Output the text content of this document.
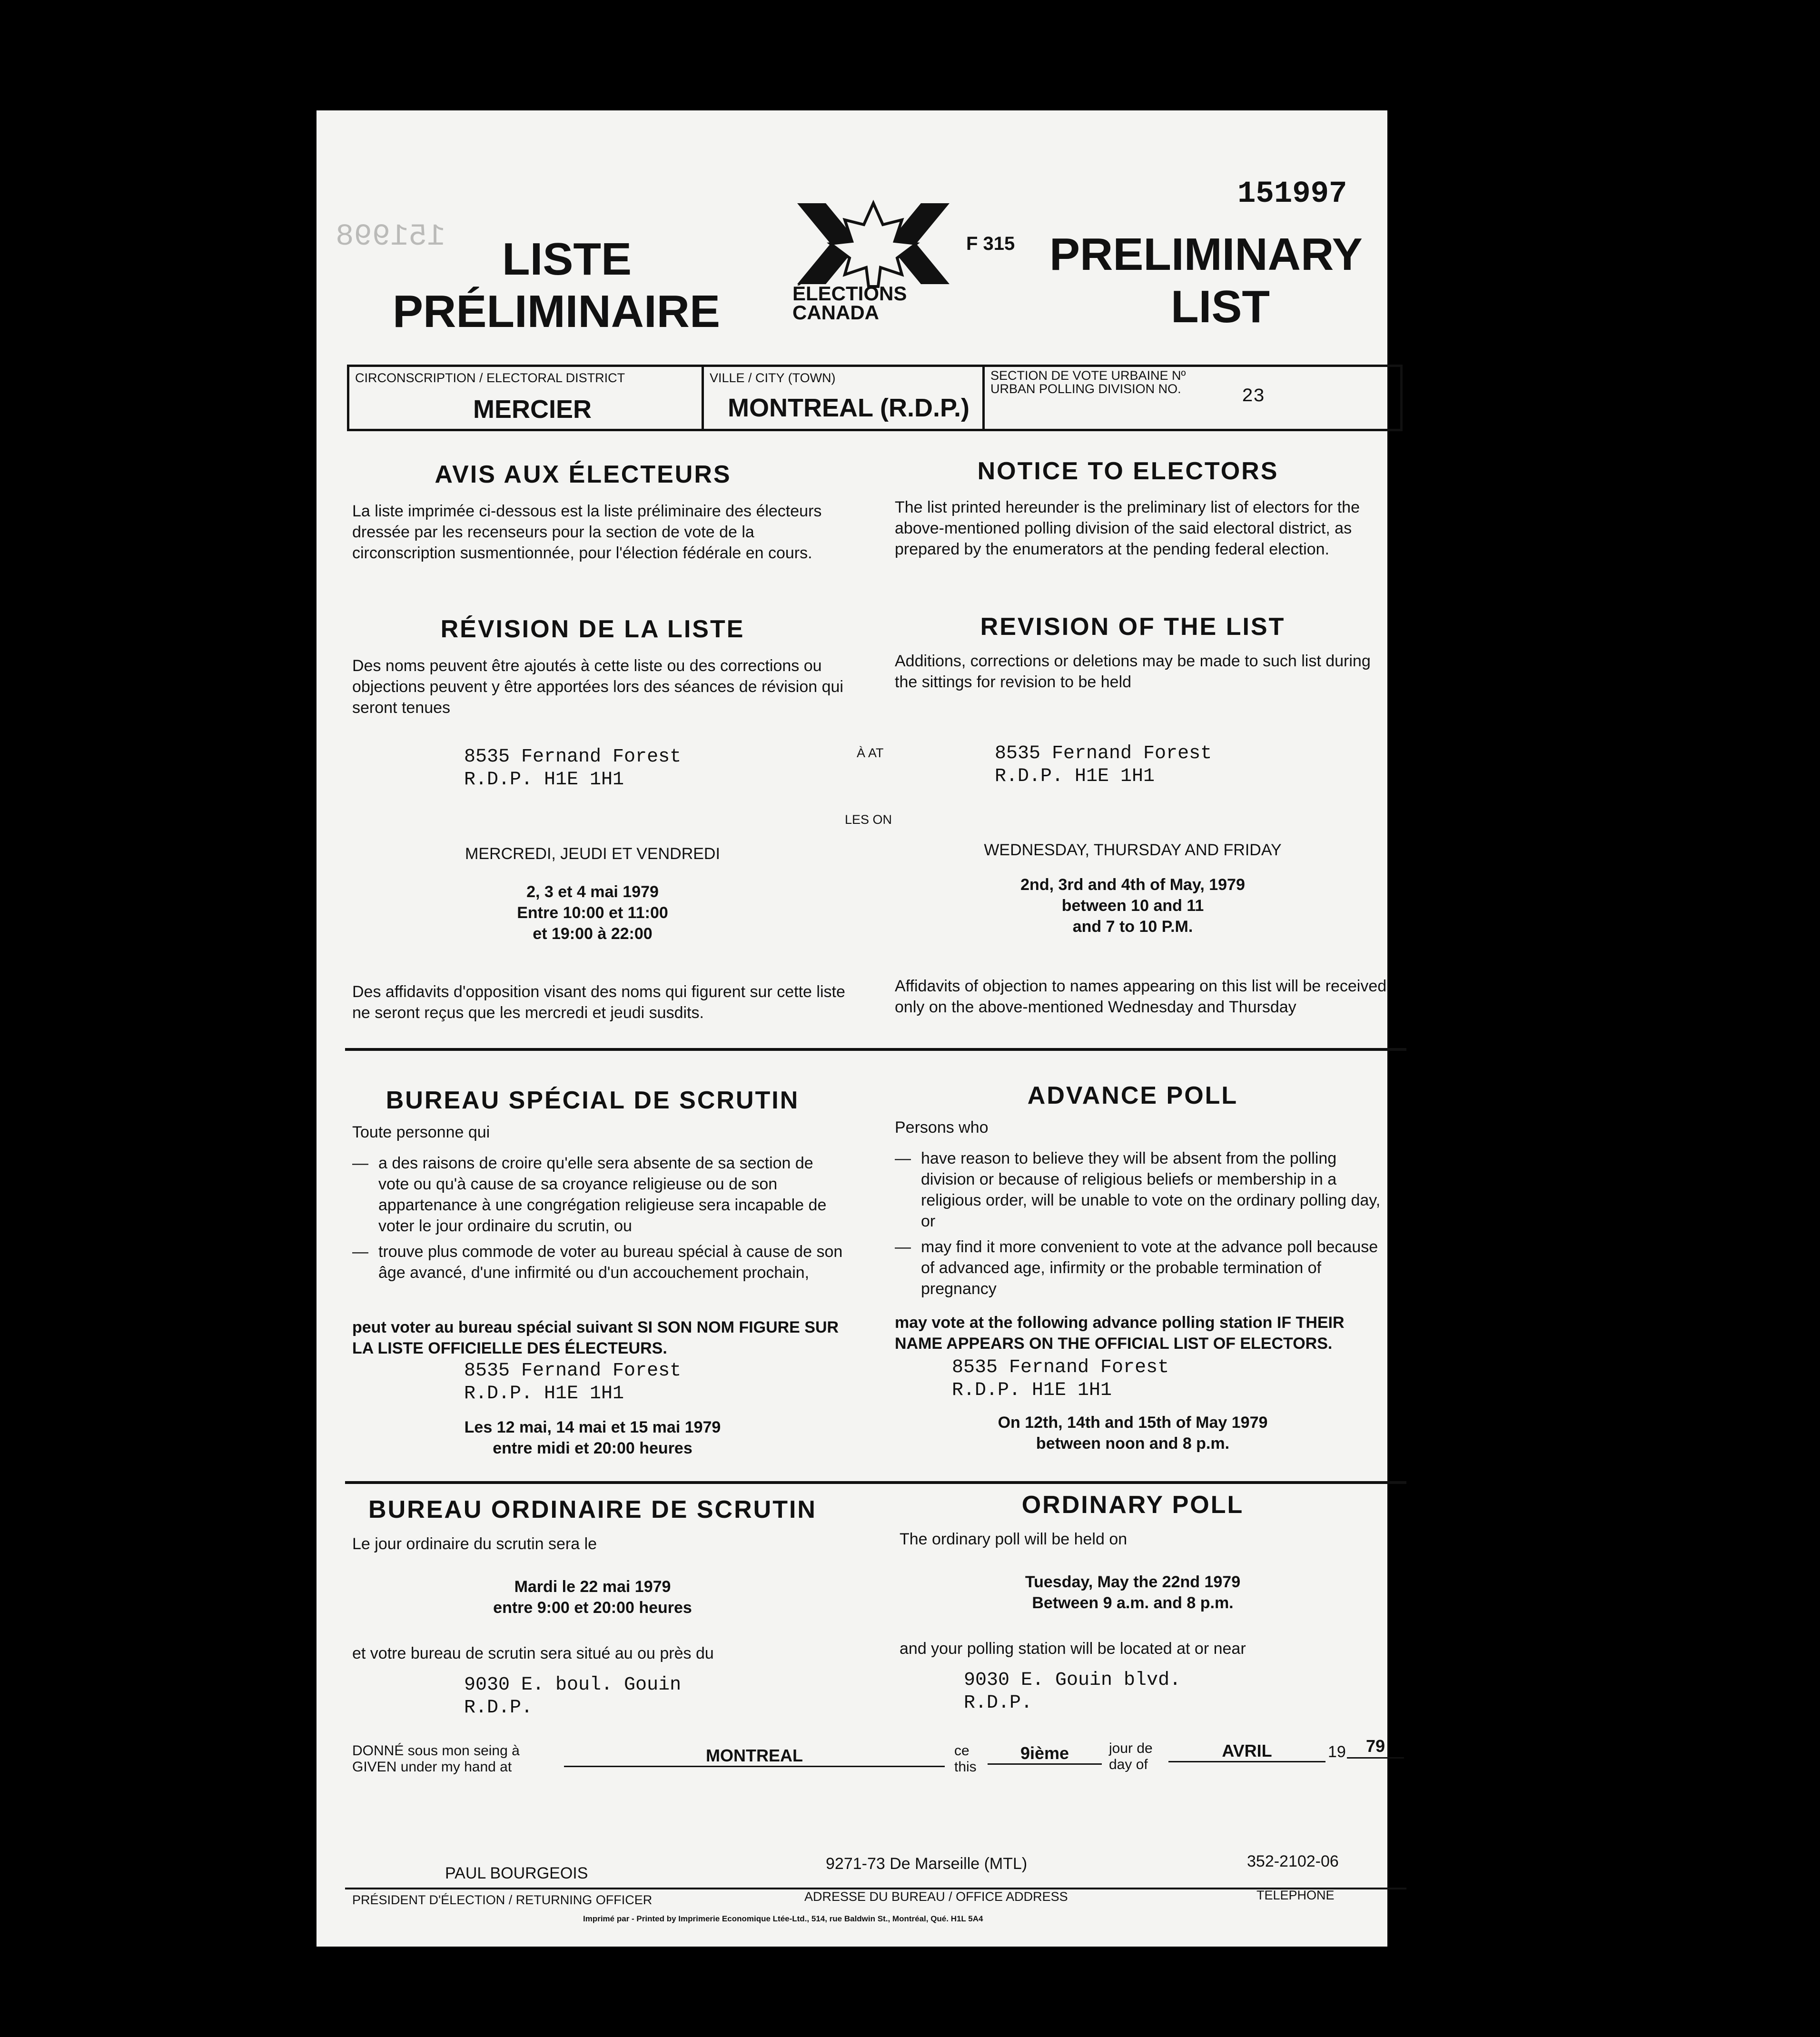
151998
151997
LISTE
PRÉLIMINAIRE	ÉLECTIONS
CANADA
F 315 PRELIMINARY
LIST
CIRCONSCRIPTION / ELECTORAL DISTRICT
MERCIER
VILLE / CITY (TOWN)
MONTREAL (R.D.P.)
SECTION DE VOTE URBAINE Nº
URBAN POLLING DIVISION NO.	23
AVIS AUX ÉLECTEURS
La liste imprimée ci-dessous est la liste préliminaire des électeurs dressée par les recenseurs pour la section de vote de la circonscription susmentionnée, pour l'élection fédérale en cours.
NOTICE TO ELECTORS
The list printed hereunder is the preliminary list of electors for the above-mentioned polling division of the said electoral district, as prepared by the enumerators at the pending federal election.
RÉVISION DE LA LISTE
Des noms peuvent être ajoutés à cette liste ou des corrections ou objections peuvent y être apportées lors des séances de révision qui seront tenues
REVISION OF THE LIST
Additions, corrections or deletions may be made to such list during the sittings for revision to be held
8535 Fernand Forest
R.D.P. H1E 1H1
À AT	8535 Fernand Forest
R.D.P. H1E 1H1
LES ON
MERCREDI, JEUDI ET VENDREDI
2, 3 et 4 mai 1979
Entre 10:00 et 11:00
et 19:00 à 22:00
WEDNESDAY, THURSDAY AND FRIDAY
2nd, 3rd and 4th of May, 1979
between 10 and 11
and 7 to 10 P.M.
Des affidavits d'opposition visant des noms qui figurent sur cette liste ne seront reçus que les mercredi et jeudi susdits.
Affidavits of objection to names appearing on this list will be received only on the above-mentioned Wednesday and Thursday
BUREAU SPÉCIAL DE SCRUTIN
Toute personne qui
— a des raisons de croire qu'elle sera absente de sa section de vote ou qu'à cause de sa croyance religieuse ou de son appartenance à une congrégation religieuse sera incapable de voter le jour ordinaire du scrutin, ou
— trouve plus commode de voter au bureau spécial à cause de son âge avancé, d'une infirmité ou d'un accouchement prochain,
peut voter au bureau spécial suivant SI SON NOM FIGURE SUR LA LISTE OFFICIELLE DES ÉLECTEURS.
ADVANCE POLL
Persons who
— have reason to believe they will be absent from the polling division or because of religious beliefs or membership in a religious order, will be unable to vote on the ordinary polling day, or
— may find it more convenient to vote at the advance poll because of advanced age, infirmity or the probable termination of pregnancy
may vote at the following advance polling station IF THEIR NAME APPEARS ON THE OFFICIAL LIST OF ELECTORS.
8535 Fernand Forest
R.D.P. H1E 1H1
8535 Fernand Forest
R.D.P. H1E 1H1
Les 12 mai, 14 mai et 15 mai 1979
entre midi et 20:00 heures
On 12th, 14th and 15th of May 1979
between noon and 8 p.m.
BUREAU ORDINAIRE DE SCRUTIN
Le jour ordinaire du scrutin sera le
Mardi le 22 mai 1979
entre 9:00 et 20:00 heures
et votre bureau de scrutin sera situé au ou près du
9030 E. boul. Gouin
R.D.P.
ORDINARY POLL
The ordinary poll will be held on
Tuesday, May the 22nd 1979
Between 9 a.m. and 8 p.m.
and your polling station will be located at or near
9030 E. Gouin blvd.
R.D.P.
DONNÉ sous mon seing à
GIVEN under my hand at
MONTREAL	ce
this
9ième	jour de
day of
AVRIL	19	79
PAUL BOURGEOIS
9271-73 De Marseille (MTL)	352-2102-06
PRÉSIDENT D'ÉLECTION / RETURNING OFFICER	ADRESSE DU BUREAU / OFFICE ADDRESS	TELEPHONE
Imprimé par - Printed by Imprimerie Economique Ltée-Ltd., 514, rue Baldwin St., Montréal, Qué. H1L 5A4
